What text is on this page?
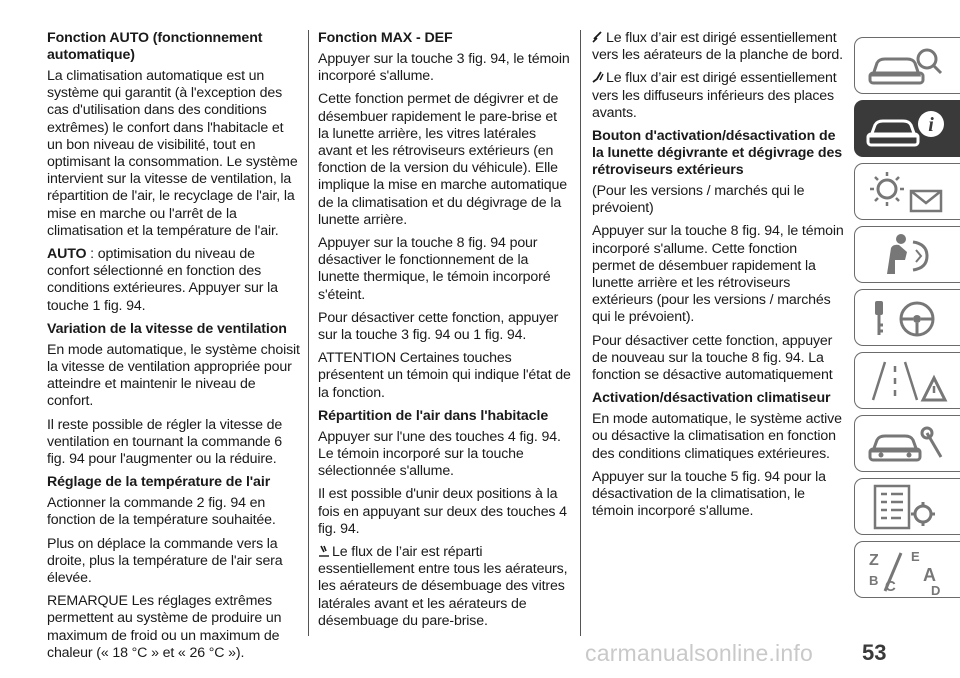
Fonction AUTO (fonctionnement automatique)

La climatisation automatique est un système qui garantit (à l'exception des cas d'utilisation dans des conditions extrêmes) le confort dans l'habitacle et un bon niveau de visibilité, tout en optimisant la consommation. Le système intervient sur la vitesse de ventilation, la répartition de l'air, le recyclage de l'air, la mise en marche ou l'arrêt de la climatisation et la température de l'air.

AUTO : optimisation du niveau de confort sélectionné en fonction des conditions extérieures. Appuyer sur la touche 1 fig. 94.

Variation de la vitesse de ventilation

En mode automatique, le système choisit la vitesse de ventilation appropriée pour atteindre et maintenir le niveau de confort.

Il reste possible de régler la vitesse de ventilation en tournant la commande 6 fig. 94 pour l'augmenter ou la réduire.

Réglage de la température de l'air

Actionner la commande 2 fig. 94 en fonction de la température souhaitée.

Plus on déplace la commande vers la droite, plus la température de l'air sera élevée.

REMARQUE Les réglages extrêmes permettent au système de produire un maximum de froid ou un maximum de chaleur (« 18 °C » et « 26 °C »).

Fonction MAX - DEF

Appuyer sur la touche 3 fig. 94, le témoin incorporé s'allume.

Cette fonction permet de dégivrer et de désembuer rapidement le pare-brise et la lunette arrière, les vitres latérales avant et les rétroviseurs extérieurs (en fonction de la version du véhicule). Elle implique la mise en marche automatique de la climatisation et du dégivrage de la lunette arrière.

Appuyer sur la touche 8 fig. 94 pour désactiver le fonctionnement de la lunette thermique, le témoin incorporé s'éteint.

Pour désactiver cette fonction, appuyer sur la touche 3 fig. 94 ou 1 fig. 94.

ATTENTION Certaines touches présentent un témoin qui indique l'état de la fonction.

Répartition de l'air dans l'habitacle

Appuyer sur l'une des touches 4 fig. 94. Le témoin incorporé sur la touche sélectionnée s'allume.

Il est possible d'unir deux positions à la fois en appuyant sur deux des touches 4 fig. 94.

Le flux de l’air est réparti essentiellement entre tous les aérateurs, les aérateurs de désembuage des vitres latérales avant et les aérateurs de désembuage du pare-brise.

Le flux d’air est dirigé essentiellement vers les aérateurs de la planche de bord.

Le flux d’air est dirigé essentiellement vers les diffuseurs inférieurs des places avants.

Bouton d'activation/désactivation de la lunette dégivrante et dégivrage des rétroviseurs extérieurs

(Pour les versions / marchés qui le prévoient)

Appuyer sur la touche 8 fig. 94, le témoin incorporé s'allume. Cette fonction permet de désembuer rapidement la lunette arrière et les rétroviseurs extérieurs (pour les versions / marchés qui le prévoient).

Pour désactiver cette fonction, appuyer de nouveau sur la touche 8 fig. 94. La fonction se désactive automatiquement

Activation/désactivation climatiseur

En mode automatique, le système active ou désactive la climatisation en fonction des conditions climatiques extérieures.

Appuyer sur la touche 5 fig. 94 pour la désactivation de la climatisation, le témoin incorporé s'allume.

i
Z E
B C
A
D
53
carmanualsonline.info
